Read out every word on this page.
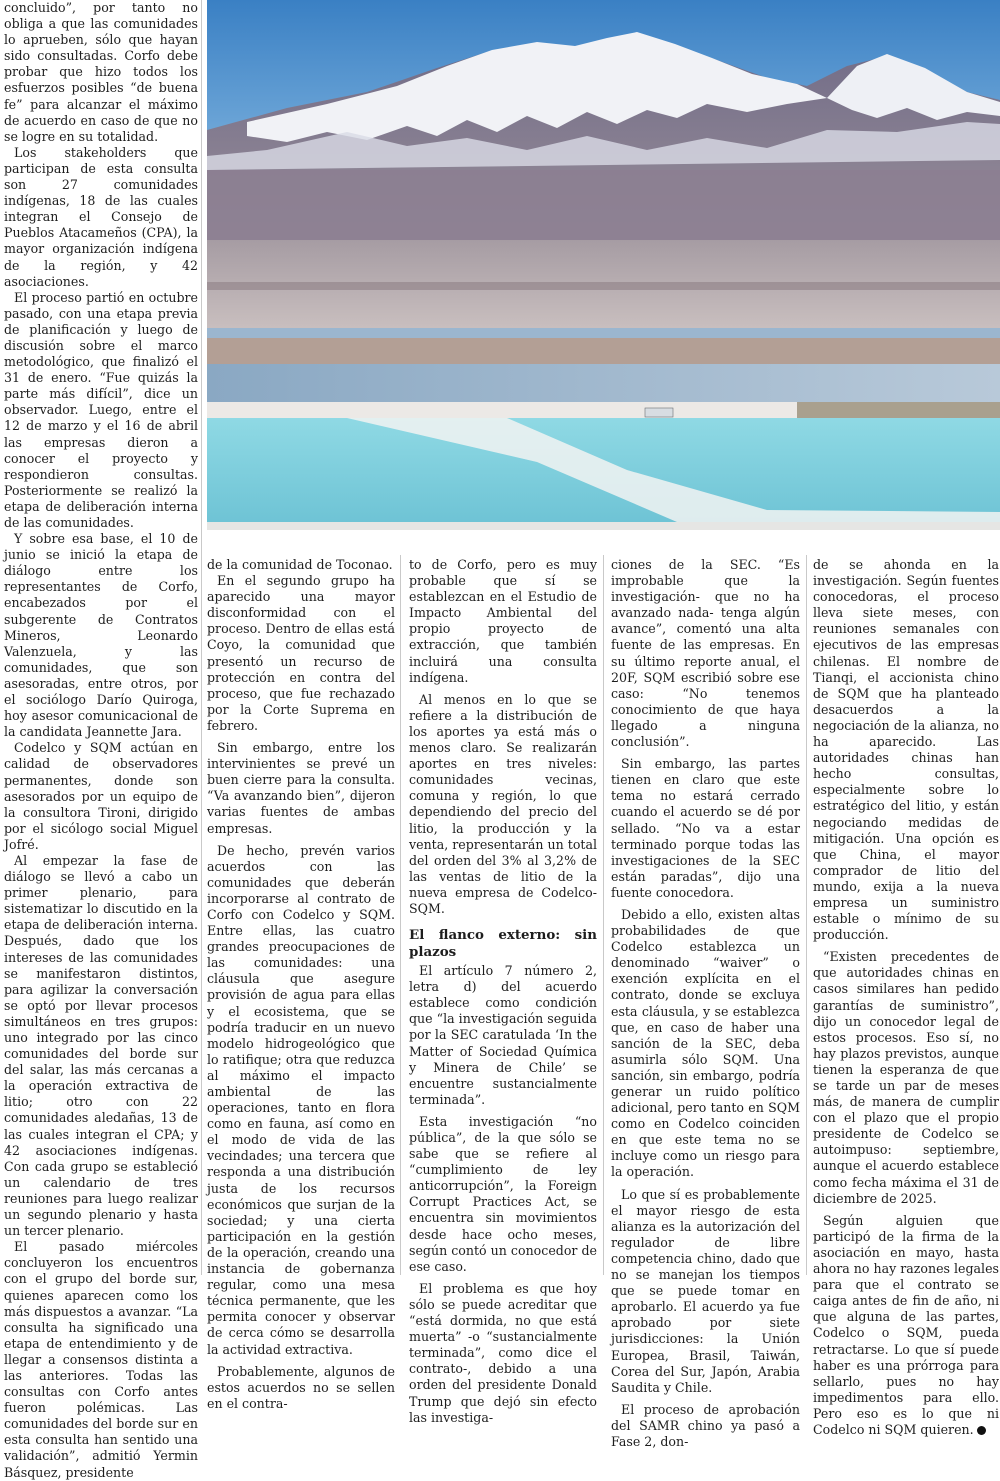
concluido”, por tanto no obliga a que las comunidades lo aprueben, sólo que hayan sido consultadas. Corfo debe probar que hizo todos los esfuerzos posibles “de buena fe” para alcanzar el máximo de acuerdo en caso de que no se logre en su totalidad.

Los stakeholders que participan de esta consulta son 27 comunidades indígenas, 18 de las cuales integran el Consejo de Pueblos Atacameños (CPA), la mayor organización indígena de la región, y 42 asociaciones.

El proceso partió en octubre pasado, con una etapa previa de planificación y luego de discusión sobre el marco metodológico, que finalizó el 31 de enero. “Fue quizás la parte más difícil”, dice un observador. Luego, entre el 12 de marzo y el 16 de abril las empresas dieron a conocer el proyecto y respondieron consultas. Posteriormente se realizó la etapa de deliberación interna de las comunidades.

Y sobre esa base, el 10 de junio se inició la etapa de diálogo entre los representantes de Corfo, encabezados por el subgerente de Contratos Mineros, Leonardo Valenzuela, y las comunidades, que son asesoradas, entre otros, por el sociólogo Darío Quiroga, hoy asesor comunicacional de la candidata Jeannette Jara.

Codelco y SQM actúan en calidad de observadores permanentes, donde son asesorados por un equipo de la consultora Tironi, dirigido por el sicólogo social Miguel Jofré.

Al empezar la fase de diálogo se llevó a cabo un primer plenario, para sistematizar lo discutido en la etapa de deliberación interna. Después, dado que los intereses de las comunidades se manifestaron distintos, para agilizar la conversación se optó por llevar procesos simultáneos en tres grupos: uno integrado por las cinco comunidades del borde sur del salar, las más cercanas a la operación extractiva de litio; otro con 22 comunidades aledañas, 13 de las cuales integran el CPA; y 42 asociaciones indígenas. Con cada grupo se estableció un calendario de tres reuniones para luego realizar un segundo plenario y hasta un tercer plenario.

El pasado miércoles concluyeron los encuentros con el grupo del borde sur, quienes aparecen como los más dispuestos a avanzar. “La consulta ha significado una etapa de entendimiento y de llegar a consensos distinta a las anteriores. Todas las consultas con Corfo antes fueron polémicas. Las comunidades del borde sur en esta consulta han sentido una validación”, admitió Yermin Básquez, presidente

de la comunidad de Toconao.

En el segundo grupo ha aparecido una mayor disconformidad con el proceso. Dentro de ellas está Coyo, la comunidad que presentó un recurso de protección en contra del proceso, que fue rechazado por la Corte Suprema en febrero.

Sin embargo, entre los intervinientes se prevé un buen cierre para la consulta. “Va avanzando bien”, dijeron varias fuentes de ambas empresas.

De hecho, prevén varios acuerdos con las comunidades que deberán incorporarse al contrato de Corfo con Codelco y SQM. Entre ellas, las cuatro grandes preocupaciones de las comunidades: una cláusula que asegure provisión de agua para ellas y el ecosistema, que se podría traducir en un nuevo modelo hidrogeológico que lo ratifique; otra que reduzca al máximo el impacto ambiental de las operaciones, tanto en flora como en fauna, así como en el modo de vida de las vecindades; una tercera que responda a una distribución justa de los recursos económicos que surjan de la sociedad; y una cierta participación en la gestión de la operación, creando una instancia de gobernanza regular, como una mesa técnica permanente, que les permita conocer y observar de cerca cómo se desarrolla la actividad extractiva.

Probablemente, algunos de estos acuerdos no se sellen en el contra-

to de Corfo, pero es muy probable que sí se establezcan en el Estudio de Impacto Ambiental del propio proyecto de extracción, que también incluirá una consulta indígena.

Al menos en lo que se refiere a la distribución de los aportes ya está más o menos claro. Se realizarán aportes en tres niveles: comunidades vecinas, comuna y región, lo que dependiendo del precio del litio, la producción y la venta, representarán un total del orden del 3% al 3,2% de las ventas de litio de la nueva empresa de Codelco-SQM.

El flanco externo: sin plazos

El artículo 7 número 2, letra d) del acuerdo establece como condición que “la investigación seguida por la SEC caratulada ‘In the Matter of Sociedad Química y Minera de Chile’ se encuentre sustancialmente terminada”.

Esta investigación “no pública”, de la que sólo se sabe que se refiere al “cumplimiento de ley anticorrupción”, la Foreign Corrupt Practices Act, se encuentra sin movimientos desde hace ocho meses, según contó un conocedor de ese caso.

El problema es que hoy sólo se puede acreditar que “está dormida, no que está muerta” -o “sustancialmente terminada”, como dice el contrato-, debido a una orden del presidente Donald Trump que dejó sin efecto las investiga-

ciones de la SEC. “Es improbable que la investigación- que no ha avanzado nada- tenga algún avance”, comentó una alta fuente de las empresas. En su último reporte anual, el 20F, SQM escribió sobre ese caso: “No tenemos conocimiento de que haya llegado a ninguna conclusión”.

Sin embargo, las partes tienen en claro que este tema no estará cerrado cuando el acuerdo se dé por sellado. “No va a estar terminado porque todas las investigaciones de la SEC están paradas”, dijo una fuente conocedora.

Debido a ello, existen altas probabilidades de que Codelco establezca un denominado “waiver” o exención explícita en el contrato, donde se excluya esta cláusula, y se establezca que, en caso de haber una sanción de la SEC, deba asumirla sólo SQM. Una sanción, sin embargo, podría generar un ruido político adicional, pero tanto en SQM como en Codelco coinciden en que este tema no se incluye como un riesgo para la operación.

Lo que sí es probablemente el mayor riesgo de esta alianza es la autorización del regulador de libre competencia chino, dado que no se manejan los tiempos que se puede tomar en aprobarlo. El acuerdo ya fue aprobado por siete jurisdicciones: la Unión Europea, Brasil, Taiwán, Corea del Sur, Japón, Arabia Saudita y Chile.

El proceso de aprobación del SAMR chino ya pasó a Fase 2, don-

de se ahonda en la investigación. Según fuentes conocedoras, el proceso lleva siete meses, con reuniones semanales con ejecutivos de las empresas chilenas. El nombre de Tianqi, el accionista chino de SQM que ha planteado desacuerdos a la negociación de la alianza, no ha aparecido. Las autoridades chinas han hecho consultas, especialmente sobre lo estratégico del litio, y están negociando medidas de mitigación. Una opción es que China, el mayor comprador de litio del mundo, exija a la nueva empresa un suministro estable o mínimo de su producción.

“Existen precedentes de que autoridades chinas en casos similares han pedido garantías de suministro”, dijo un conocedor legal de estos procesos. Eso sí, no hay plazos previstos, aunque tienen la esperanza de que se tarde un par de meses más, de manera de cumplir con el plazo que el propio presidente de Codelco se autoimpuso: septiembre, aunque el acuerdo establece como fecha máxima el 31 de diciembre de 2025.

Según alguien que participó de la firma de la asociación en mayo, hasta ahora no hay razones legales para que el contrato se caiga antes de fin de año, ni que alguna de las partes, Codelco o SQM, pueda retractarse. Lo que sí puede haber es una prórroga para sellarlo, pues no hay impedimentos para ello. Pero eso es lo que ni Codelco ni SQM quieren.
